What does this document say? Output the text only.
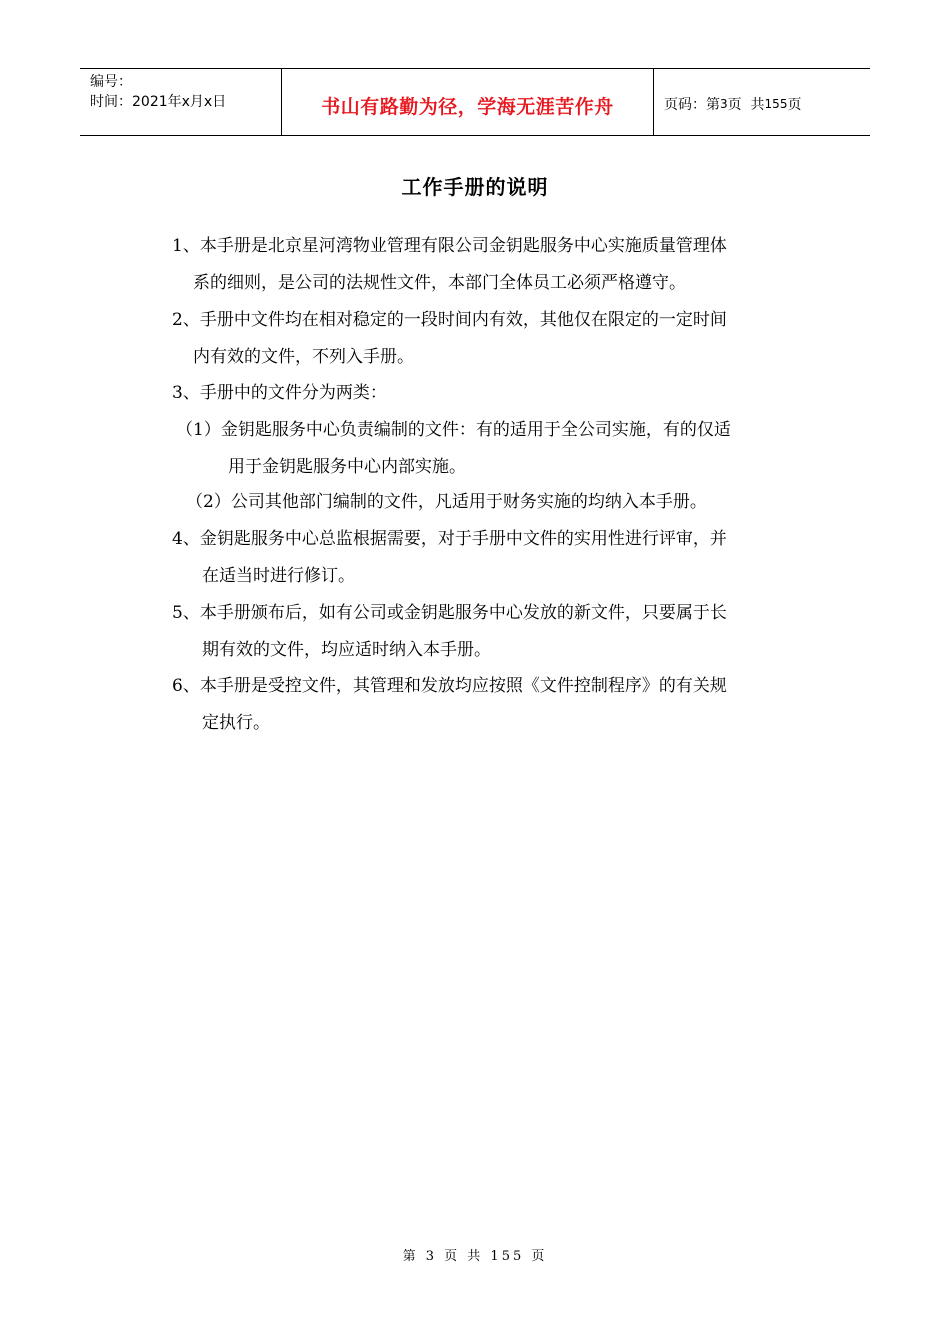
编号：
时间：2021年x月x日	书山有路勤为径，学海无涯苦作舟	页码：第 3 页  共 155 页
工作手册的说明
1、本手册是北京星河湾物业管理有限公司金钥匙服务中心实施质量管理体
系的细则，是公司的法规性文件，本部门全体员工必须严格遵守。
2、手册中文件均在相对稳定的一段时间内有效，其他仅在限定的一定时间
内有效的文件，不列入手册。
3、手册中的文件分为两类：
（1）金钥匙服务中心负责编制的文件：有的适用于全公司实施，有的仅适
用于金钥匙服务中心内部实施。
（2）公司其他部门编制的文件，凡适用于财务实施的均纳入本手册。
4、金钥匙服务中心总监根据需要，对于手册中文件的实用性进行评审，并
在适当时进行修订。
5、本手册颁布后，如有公司或金钥匙服务中心发放的新文件，只要属于长
期有效的文件，均应适时纳入本手册。
6、本手册是受控文件，其管理和发放均应按照《文件控制程序》的有关规
定执行。
第 3 页 共 155 页
